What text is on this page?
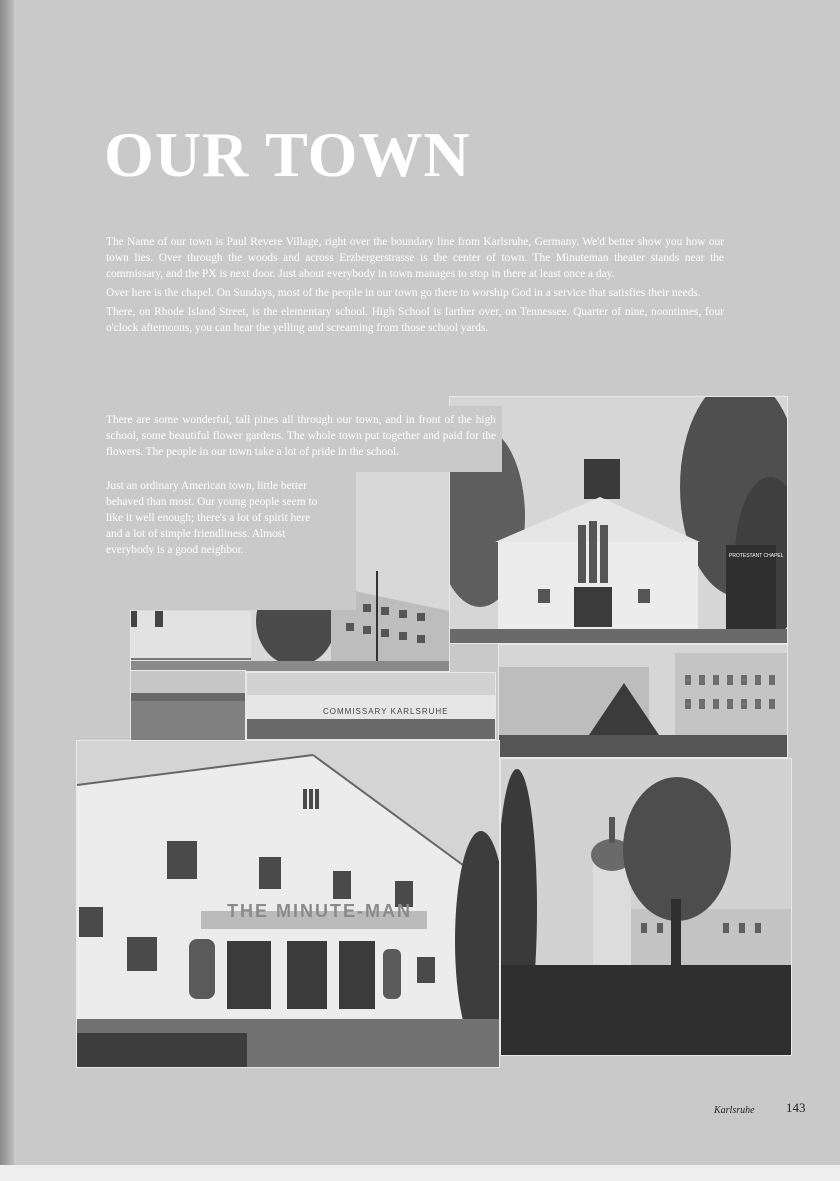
OUR TOWN

The Name of our town is Paul Revere Village, right over the boundary line from Karlsruhe, Germany. We'd better show you how our town lies. Over through the woods and across Erzbergerstrasse is the center of town. The Minuteman theater stands near the commissary, and the PX is next door. Just about everybody in town manages to stop in there at least once a day.

Over here is the chapel. On Sundays, most of the people in our town go there to worship God in a service that satisfies their needs.

There, on Rhode Island Street, is the elementary school. High School is farther over, on Tennessee. Quarter of nine, noontimes, four o'clock afternoons, you can hear the yelling and screaming from those school yards.

PROTESTANT CHAPEL
COMMISSARY KARLSRUHE
THE MINUTE-MAN

There are some wonderful, tall pines all through our town, and in front of the high school, some beautiful flower gardens. The whole town put together and paid for the flowers. The people in our town take a lot of pride in the school.

Just an ordinary American town, little better behaved than most. Our young people seem to like it well enough; there's a lot of spirit here and a lot of simple friendliness. Almost everybody is a good neighbor.

Karlsruhe 143
